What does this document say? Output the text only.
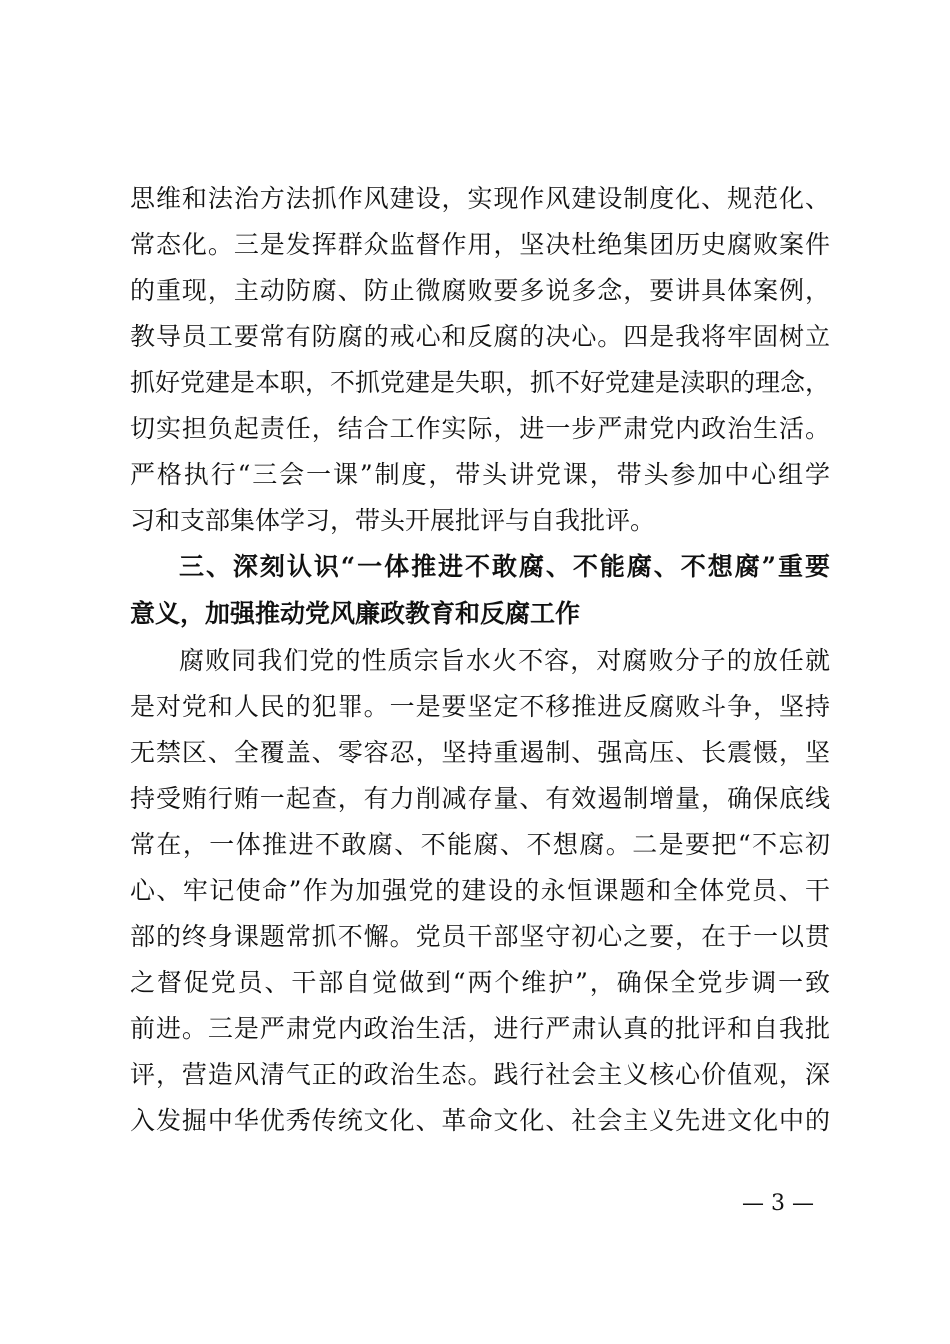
思维和法治方法抓作风建设，实现作风建设制度化、规范化、
常态化。三是发挥群众监督作用，坚决杜绝集团历史腐败案件
的重现，主动防腐、防止微腐败要多说多念，要讲具体案例，
教导员工要常有防腐的戒心和反腐的决心。四是我将牢固树立
抓好党建是本职，不抓党建是失职，抓不好党建是渎职的理念，
切实担负起责任，结合工作实际，进一步严肃党内政治生活。
严格执行“三会一课”制度，带头讲党课，带头参加中心组学
习和支部集体学习，带头开展批评与自我批评。
三、深刻认识“一体推进不敢腐、不能腐、不想腐”重要
意义，加强推动党风廉政教育和反腐工作
腐败同我们党的性质宗旨水火不容，对腐败分子的放任就
是对党和人民的犯罪。一是要坚定不移推进反腐败斗争，坚持
无禁区、全覆盖、零容忍，坚持重遏制、强高压、长震慑，坚
持受贿行贿一起查，有力削减存量、有效遏制增量，确保底线
常在，一体推进不敢腐、不能腐、不想腐。二是要把“不忘初
心、牢记使命”作为加强党的建设的永恒课题和全体党员、干
部的终身课题常抓不懈。党员干部坚守初心之要，在于一以贯
之督促党员、干部自觉做到“两个维护”，确保全党步调一致
前进。三是严肃党内政治生活，进行严肃认真的批评和自我批
评，营造风清气正的政治生态。践行社会主义核心价值观，深
入发掘中华优秀传统文化、革命文化、社会主义先进文化中的
— 3 —
